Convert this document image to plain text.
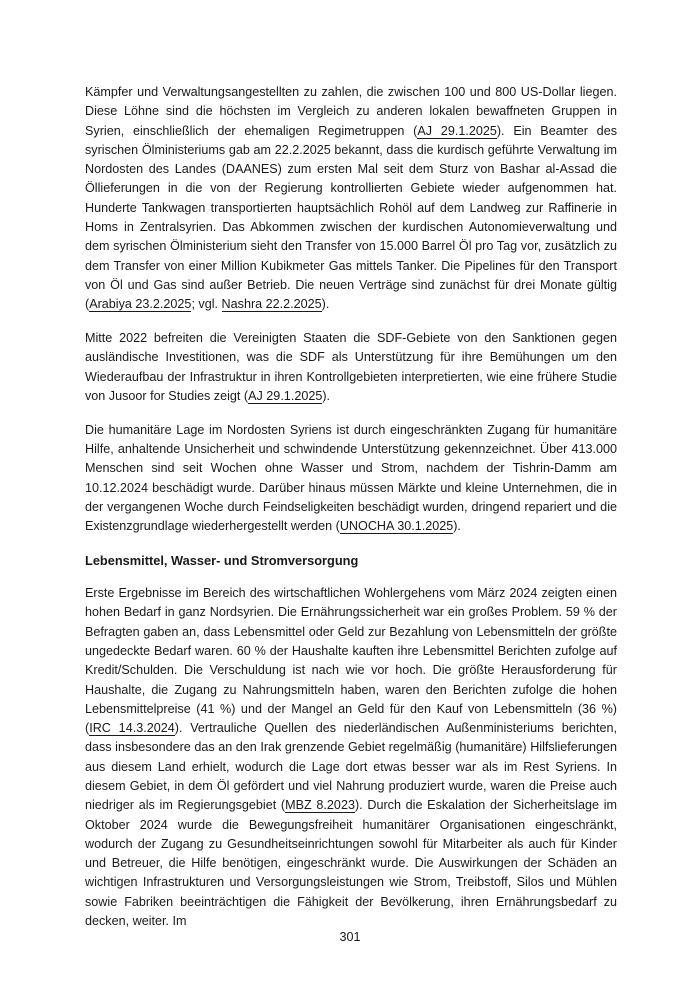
Kämpfer und Verwaltungsangestellten zu zahlen, die zwischen 100 und 800 US-Dollar liegen. Diese Löhne sind die höchsten im Vergleich zu anderen lokalen bewaffneten Gruppen in Syrien, einschließlich der ehemaligen Regimetruppen (AJ 29.1.2025). Ein Beamter des syrischen Ölministeriums gab am 22.2.2025 bekannt, dass die kurdisch geführte Verwaltung im Nordosten des Landes (DAANES) zum ersten Mal seit dem Sturz von Bashar al-Assad die Öllieferungen in die von der Regierung kontrollierten Gebiete wieder aufgenommen hat. Hunderte Tankwagen transportierten hauptsächlich Rohöl auf dem Landweg zur Raffinerie in Homs in Zentralsyrien. Das Abkommen zwischen der kurdischen Autonomieverwaltung und dem syrischen Ölministerium sieht den Transfer von 15.000 Barrel Öl pro Tag vor, zusätzlich zu dem Transfer von einer Million Kubikmeter Gas mittels Tanker. Die Pipelines für den Transport von Öl und Gas sind außer Betrieb. Die neuen Verträge sind zunächst für drei Monate gültig (Arabiya 23.2.2025; vgl. Nashra 22.2.2025).

Mitte 2022 befreiten die Vereinigten Staaten die SDF-Gebiete von den Sanktionen gegen ausländische Investitionen, was die SDF als Unterstützung für ihre Bemühungen um den Wiederaufbau der Infrastruktur in ihren Kontrollgebieten interpretierten, wie eine frühere Studie von Jusoor for Studies zeigt (AJ 29.1.2025).

Die humanitäre Lage im Nordosten Syriens ist durch eingeschränkten Zugang für humanitäre Hilfe, anhaltende Unsicherheit und schwindende Unterstützung gekennzeichnet. Über 413.000 Menschen sind seit Wochen ohne Wasser und Strom, nachdem der Tishrin-Damm am 10.12.2024 beschädigt wurde. Darüber hinaus müssen Märkte und kleine Unternehmen, die in der vergangenen Woche durch Feindseligkeiten beschädigt wurden, dringend repariert und die Existenzgrundlage wiederhergestellt werden (UNOCHA 30.1.2025).

Lebensmittel, Wasser- und Stromversorgung

Erste Ergebnisse im Bereich des wirtschaftlichen Wohlergehens vom März 2024 zeigten einen hohen Bedarf in ganz Nordsyrien. Die Ernährungssicherheit war ein großes Problem. 59 % der Befragten gaben an, dass Lebensmittel oder Geld zur Bezahlung von Lebensmitteln der größte ungedeckte Bedarf waren. 60 % der Haushalte kauften ihre Lebensmittel Berichten zufolge auf Kredit/Schulden. Die Verschuldung ist nach wie vor hoch. Die größte Herausforderung für Haushalte, die Zugang zu Nahrungsmitteln haben, waren den Berichten zufolge die hohen Lebensmittelpreise (41 %) und der Mangel an Geld für den Kauf von Lebensmitteln (36 %) (IRC 14.3.2024). Vertrauliche Quellen des niederländischen Außenministeriums berichten, dass insbesondere das an den Irak grenzende Gebiet regelmäßig (humanitäre) Hilfslieferungen aus diesem Land erhielt, wodurch die Lage dort etwas besser war als im Rest Syriens. In diesem Gebiet, in dem Öl gefördert und viel Nahrung produziert wurde, waren die Preise auch niedriger als im Regierungsgebiet (MBZ 8.2023). Durch die Eskalation der Sicherheitslage im Oktober 2024 wurde die Bewegungsfreiheit humanitärer Organisationen eingeschränkt, wodurch der Zugang zu Gesundheitseinrichtungen sowohl für Mitarbeiter als auch für Kinder und Betreuer, die Hilfe benötigen, eingeschränkt wurde. Die Auswirkungen der Schäden an wichtigen Infrastrukturen und Versorgungsleistungen wie Strom, Treibstoff, Silos und Mühlen sowie Fabriken beeinträchtigen die Fähigkeit der Bevölkerung, ihren Ernährungsbedarf zu decken, weiter. Im

301
